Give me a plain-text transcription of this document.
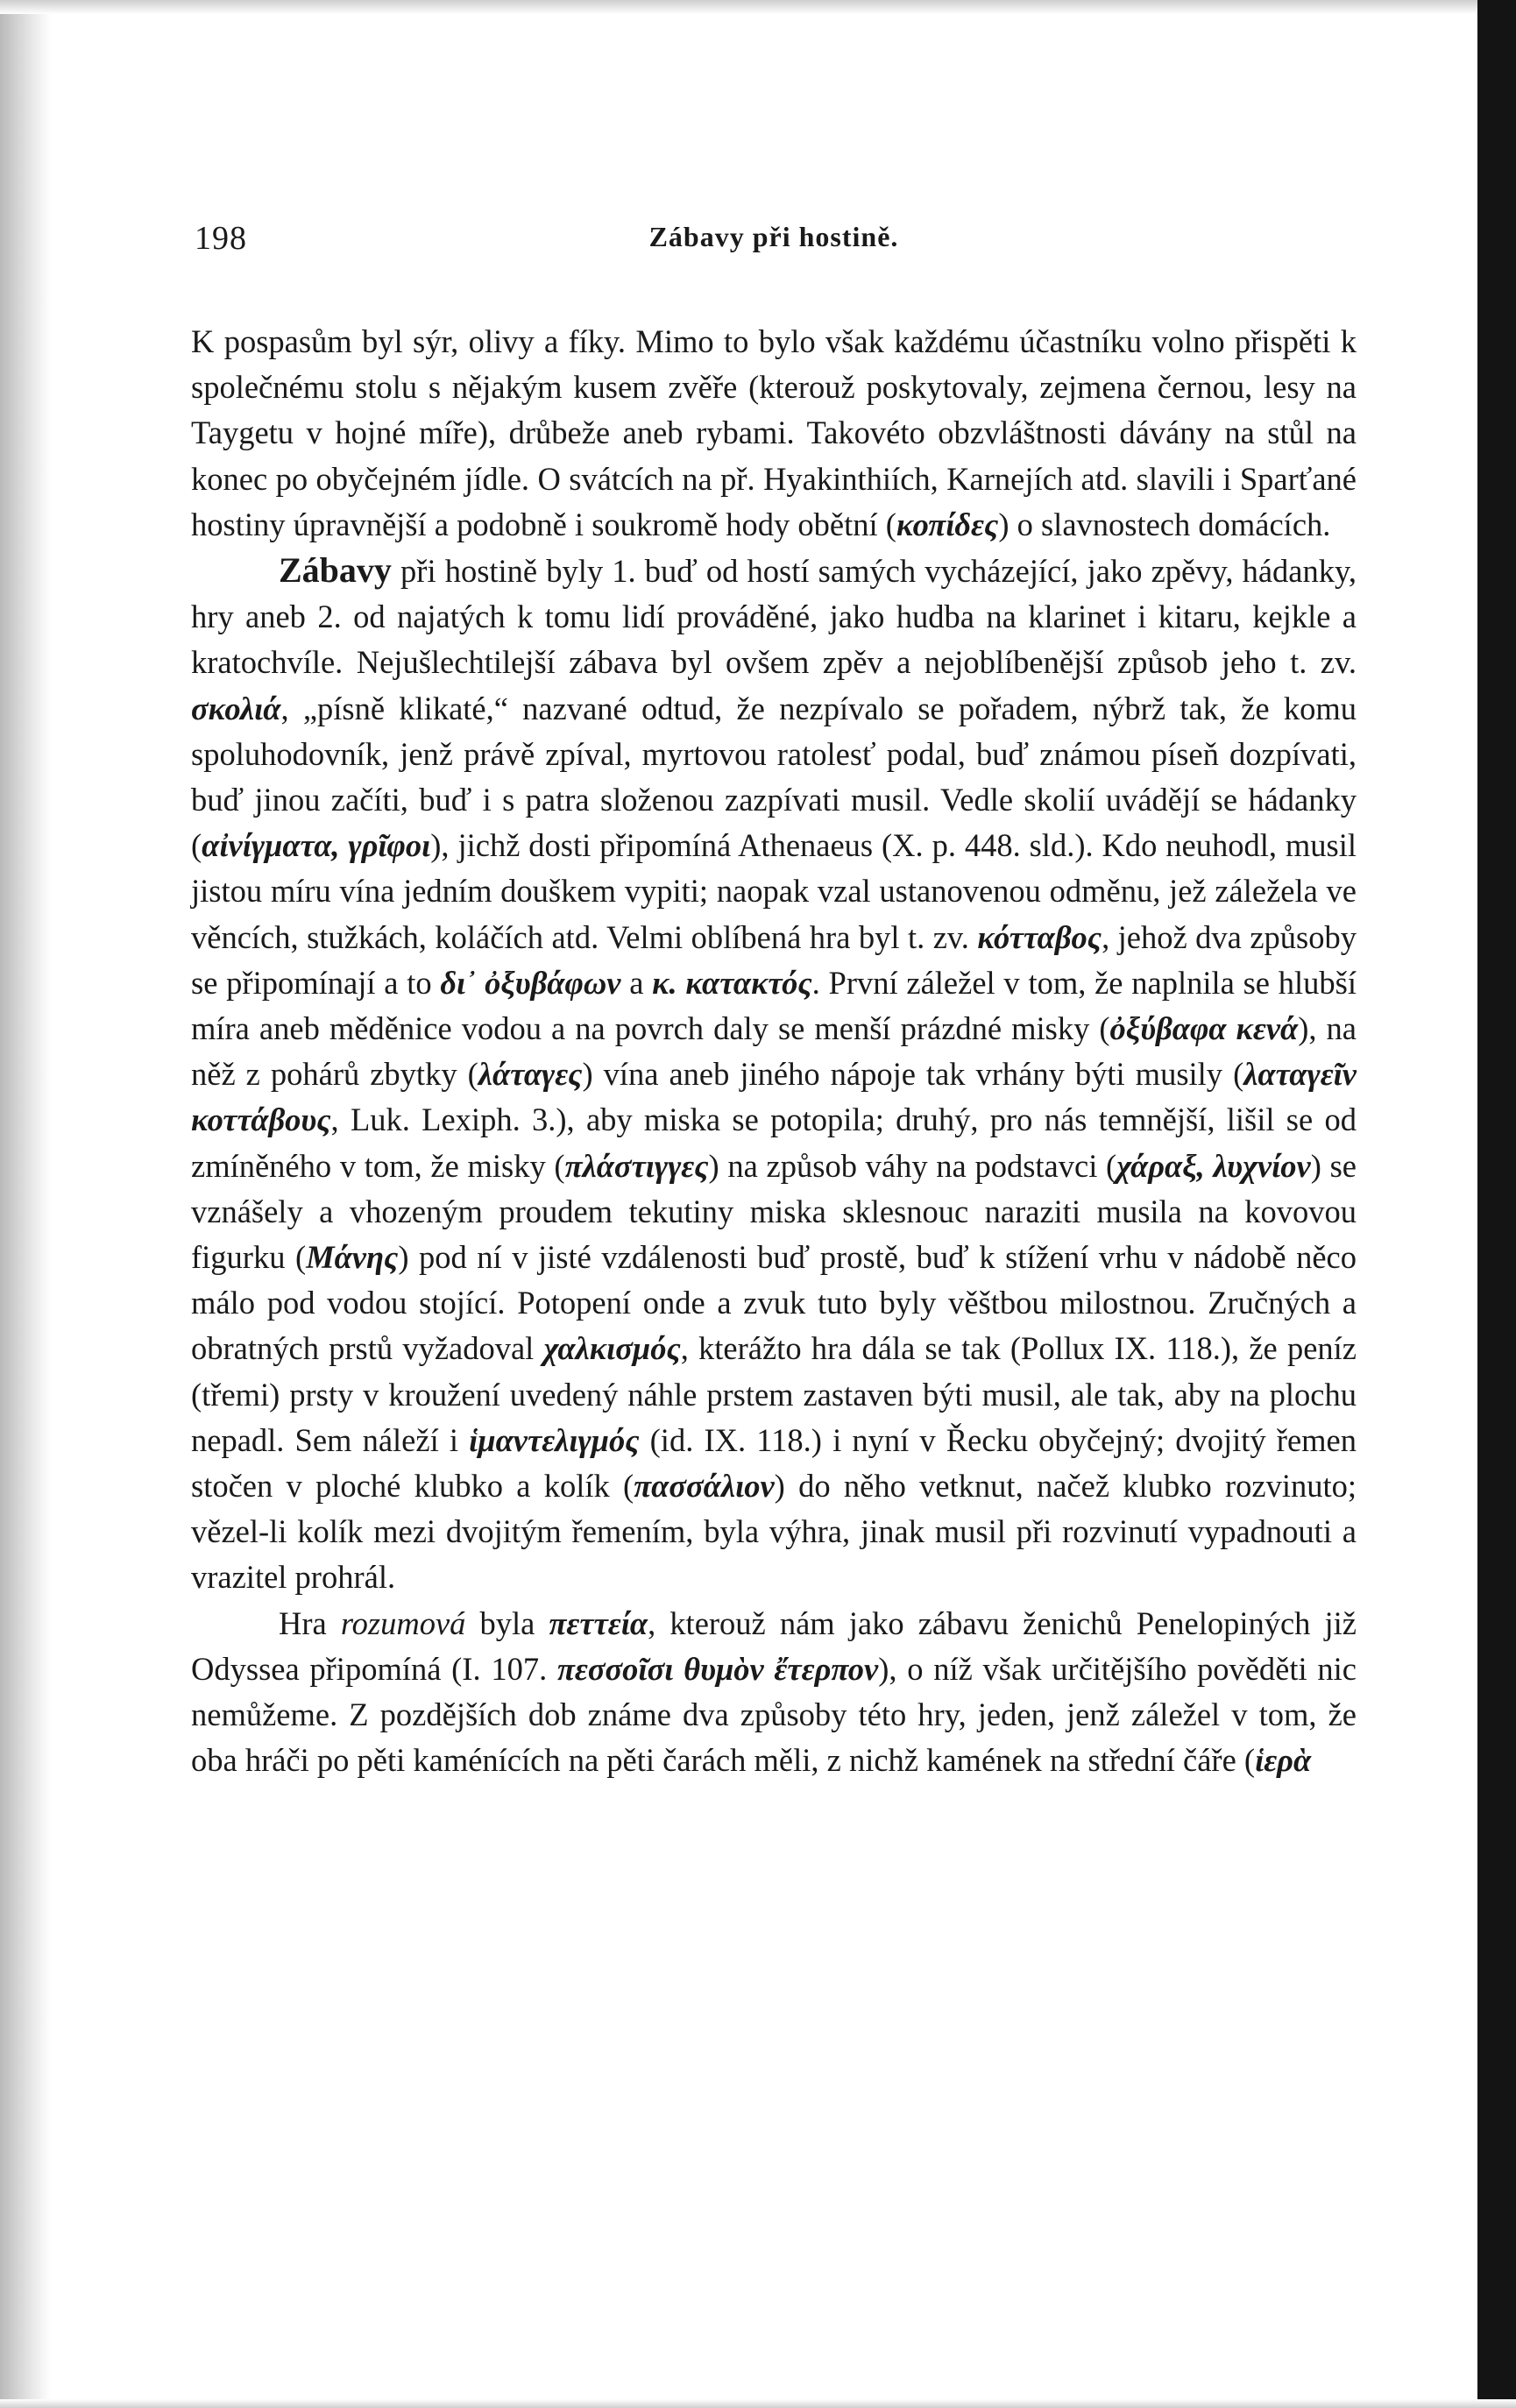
198	Zábavy při hostině.

K pospasům byl sýr, olivy a fíky. Mimo to bylo však každému účastníku volno přispěti k společnému stolu s nějakým kusem zvěře (kterouž poskytovaly, zejmena černou, lesy na Taygetu v hojné míře), drůbeže aneb rybami. Takovéto obzvláštnosti dávány na stůl na konec po obyčejném jídle. O svátcích na př. Hyakinthiích, Karnejích atd. slavili i Sparťané hostiny úpravnější a podobně i soukromě hody obětní (κοπίδες) o slavnostech domácích.

Zábavy při hostině byly 1. buď od hostí samých vycházející, jako zpěvy, hádanky, hry aneb 2. od najatých k tomu lidí prováděné, jako hudba na klarinet i kitaru, kejkle a kratochvíle. Nejušlechtilejší zábava byl ovšem zpěv a nejoblíbenější způsob jeho t. zv. σκολιά, „písně klikaté,“ nazvané odtud, že nezpívalo se pořadem, nýbrž tak, že komu spoluhodovník, jenž právě zpíval, myrtovou ratolesť podal, buď známou píseň dozpívati, buď jinou začíti, buď i s patra složenou zazpívati musil. Vedle skolií uvádějí se hádanky (αἰνίγματα, γρῖφοι), jichž dosti připomíná Athenaeus (X. p. 448. sld.). Kdo neuhodl, musil jistou míru vína jedním douškem vypiti; naopak vzal ustanovenou odměnu, jež záležela ve věncích, stužkách, koláčích atd. Velmi oblíbená hra byl t. zv. κότταβος, jehož dva způsoby se připomínají a to δι᾽ ὀξυβάφων a κ. κατακτός. První záležel v tom, že naplnila se hlubší míra aneb měděnice vodou a na povrch daly se menší prázdné misky (ὀξύβαφα κενά), na něž z pohárů zbytky (λάταγες) vína aneb jiného nápoje tak vrhány býti musily (λαταγεῖν κοττάβους, Luk. Lexiph. 3.), aby miska se potopila; druhý, pro nás temnější, lišil se od zmíněného v tom, že misky (πλάστιγγες) na způsob váhy na podstavci (χάραξ, λυχνίον) se vznášely a vhozeným proudem tekutiny miska sklesnouc naraziti musila na kovovou figurku (Μάνης) pod ní v jisté vzdálenosti buď prostě, buď k stížení vrhu v nádobě něco málo pod vodou stojící. Potopení onde a zvuk tuto byly věštbou milostnou. Zručných a obratných prstů vyžadoval χαλκισμός, kterážto hra dála se tak (Pollux IX. 118.), že peníz (třemi) prsty v kroužení uvedený náhle prstem zastaven býti musil, ale tak, aby na plochu nepadl. Sem náleží i ἱμαντελιγμός (id. IX. 118.) i nyní v Řecku obyčejný; dvojitý řemen stočen v ploché klubko a kolík (πασσάλιον) do něho vetknut, načež klubko rozvinuto; vězel-li kolík mezi dvojitým řemením, byla výhra, jinak musil při rozvinutí vypadnouti a vrazitel prohrál.

Hra rozumová byla πεττεία, kterouž nám jako zábavu ženichů Penelopiných již Odyssea připomíná (I. 107. πεσσοῖσι θυμὸν ἔτερπον), o níž však určitějšího pověděti nic nemůžeme. Z pozdějších dob známe dva způsoby této hry, jeden, jenž záležel v tom, že oba hráči po pěti kaménících na pěti čarách měli, z nichž kamének na střední čáře (ἱερὰ
